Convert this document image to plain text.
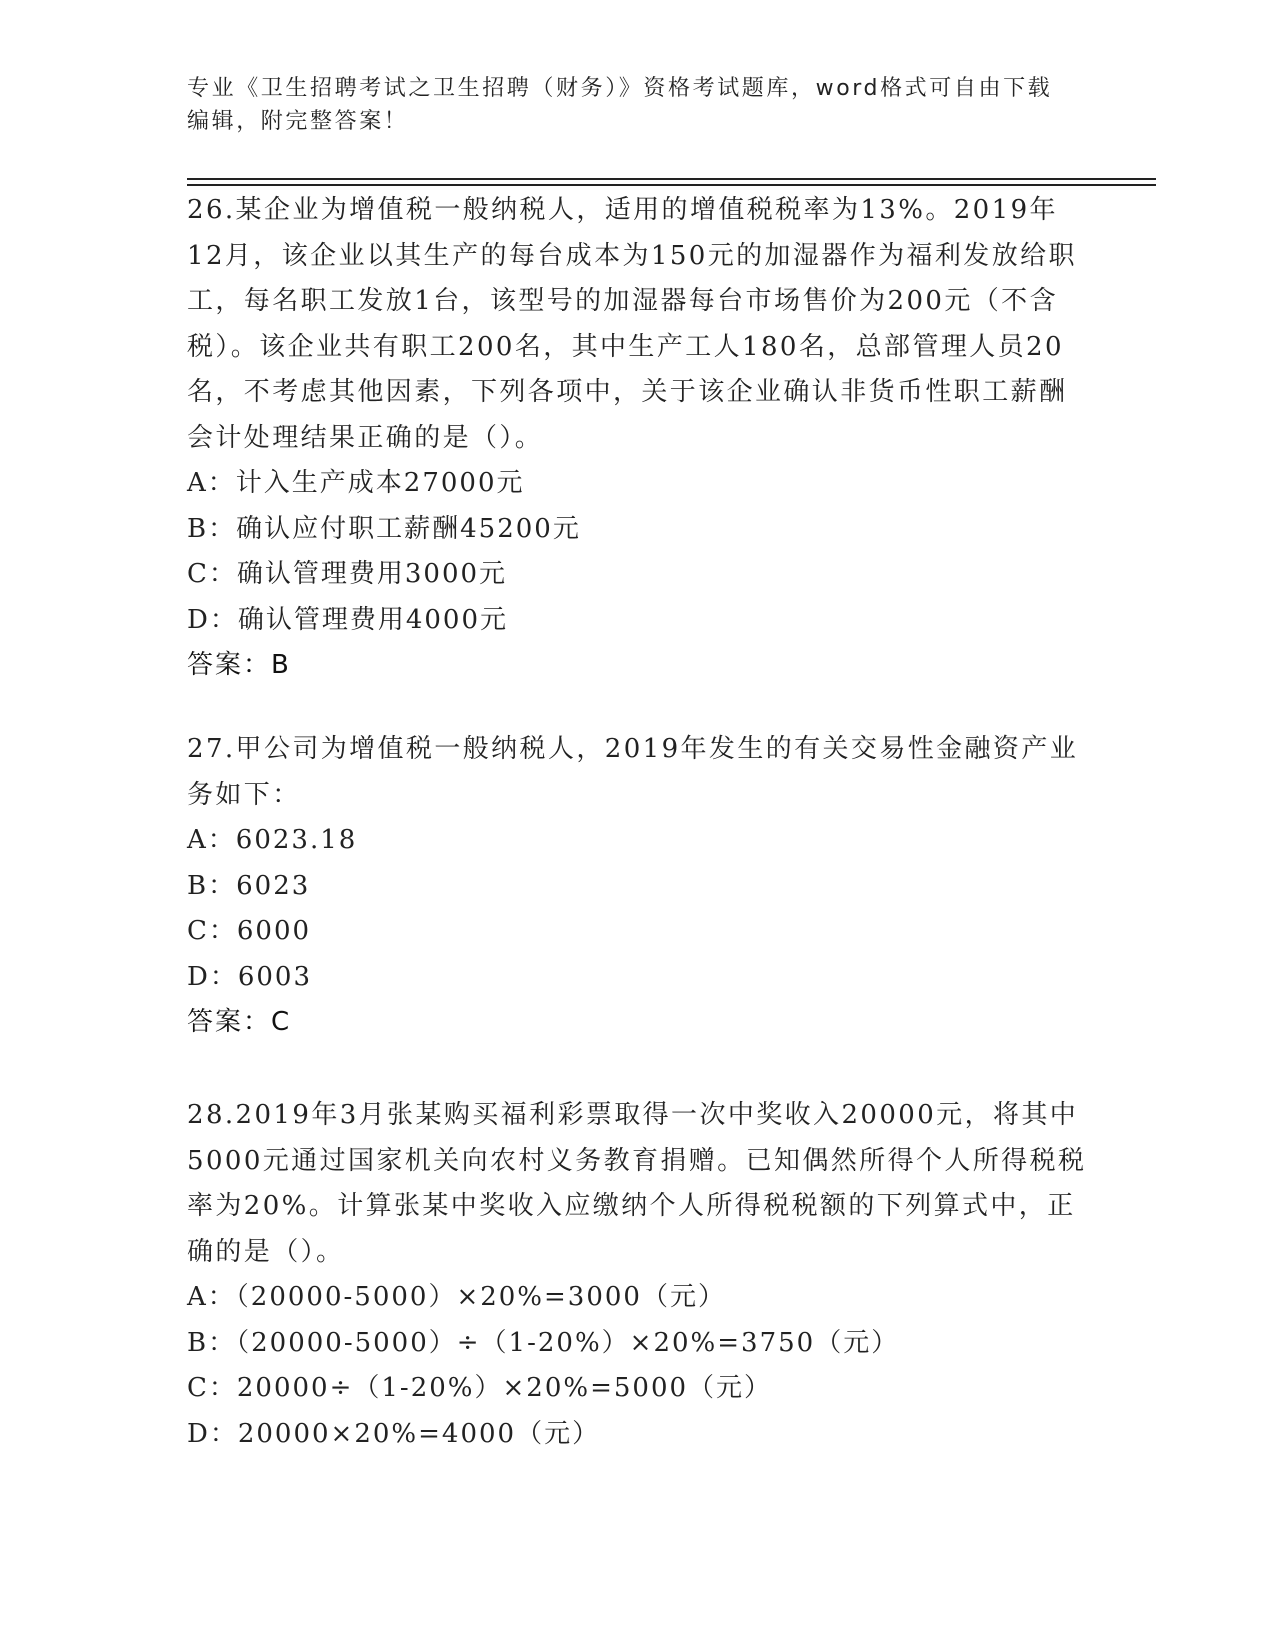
专业《卫生招聘考试之卫生招聘（财务）》资格考试题库，word格式可自由下载
编辑，附完整答案！
26.某企业为增值税一般纳税人，适用的增值税税率为13%。2019年12月，该企业以其生产的每台成本为150元的加湿器作为福利发放给职工，每名职工发放1台，该型号的加湿器每台市场售价为200元（不含税）。该企业共有职工200名，其中生产工人180名，总部管理人员20名，不考虑其他因素，下列各项中，关于该企业确认非货币性职工薪酬会计处理结果正确的是（）。
A：计入生产成本27000元
B：确认应付职工薪酬45200元
C：确认管理费用3000元
D：确认管理费用4000元
答案：B
27.甲公司为增值税一般纳税人，2019年发生的有关交易性金融资产业务如下：
A：6023.18
B：6023
C：6000
D：6003
答案：C
28.2019年3月张某购买福利彩票取得一次中奖收入20000元，将其中5000元通过国家机关向农村义务教育捐赠。已知偶然所得个人所得税税率为20%。计算张某中奖收入应缴纳个人所得税税额的下列算式中，正确的是（）。
A：（20000-5000）×20%=3000（元）
B：（20000-5000）÷（1-20%）×20%=3750（元）
C：20000÷（1-20%）×20%=5000（元）
D：20000×20%=4000（元）
